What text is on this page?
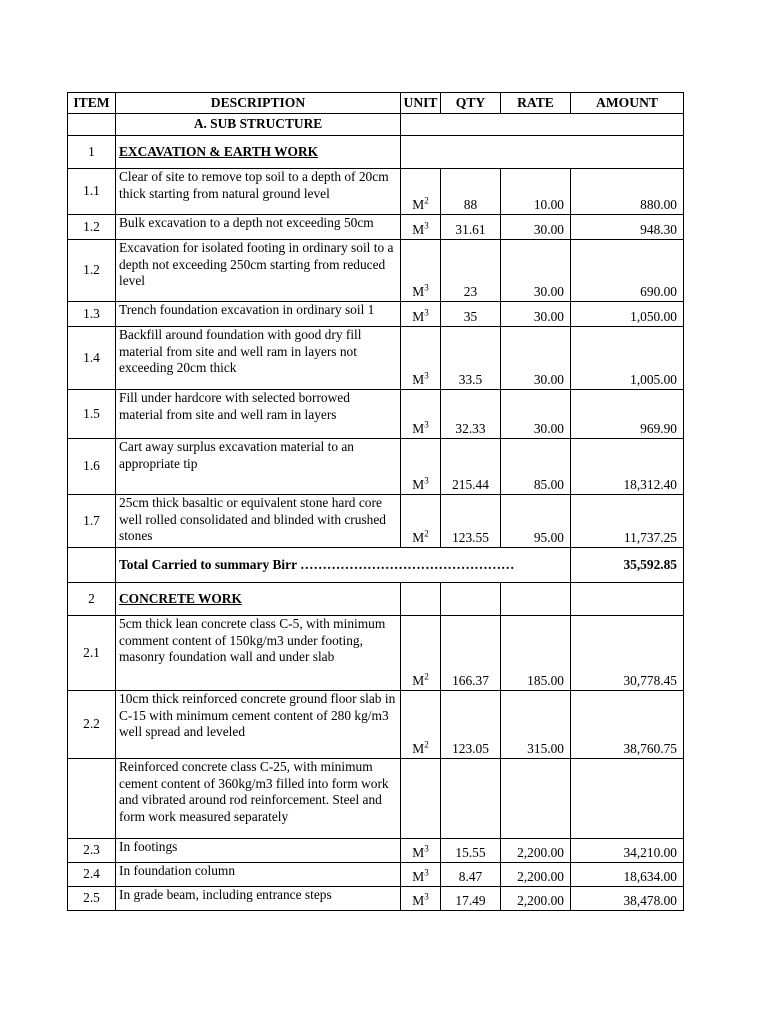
ITEM	DESCRIPTION	UNIT	QTY	RATE	AMOUNT
	A. SUB STRUCTURE				
1	EXCAVATION & EARTH WORK				
1.1	Clear of site to remove top soil to a depth of 20cm thick starting from natural ground level	$M^2$	88	10.00	880.00
1.2	Bulk excavation to a depth not exceeding 50cm	$M^3$	31.61	30.00	948.30
1.2	Excavation for isolated footing in ordinary soil to a depth not exceeding 250cm starting from reduced level	$M^3$	23	30.00	690.00
1.3	Trench foundation excavation in ordinary soil 1	$M^3$	35	30.00	1,050.00
1.4	Backfill around foundation with good dry fill material from site and well ram in layers not exceeding 20cm thick	$M^3$	33.5	30.00	1,005.00
1.5	Fill under hardcore with selected borrowed material from site and well ram in layers	$M^3$	32.33	30.00	969.90
1.6	Cart away surplus excavation material to an appropriate tip	$M^3$	215.44	85.00	18,312.40
1.7	25cm thick basaltic or equivalent stone hard core well rolled consolidated and blinded with crushed stones	$M^2$	123.55	95.00	11,737.25
	Total Carried to summary Birr …………………………………………				35,592.85
2	CONCRETE WORK				
2.1	5cm thick lean concrete class C-5, with minimum comment content of 150kg/m3 under footing, masonry foundation wall and under slab	$M^2$	166.37	185.00	30,778.45
2.2	10cm thick reinforced concrete ground floor slab in C-15 with minimum cement content of 280 kg/m3 well spread and leveled	$M^2$	123.05	315.00	38,760.75

	Reinforced concrete class C-25, with minimum cement content of 360kg/m3 filled into form work and vibrated around rod reinforcement. Steel and form work measured separately				

2.3	In footings	$M^3$	15.55	2,200.00	34,210.00
2.4	In foundation column	$M^3$	8.47	2,200.00	18,634.00
2.5	In grade beam, including entrance steps	$M^3$	17.49	2,200.00	38,478.00
